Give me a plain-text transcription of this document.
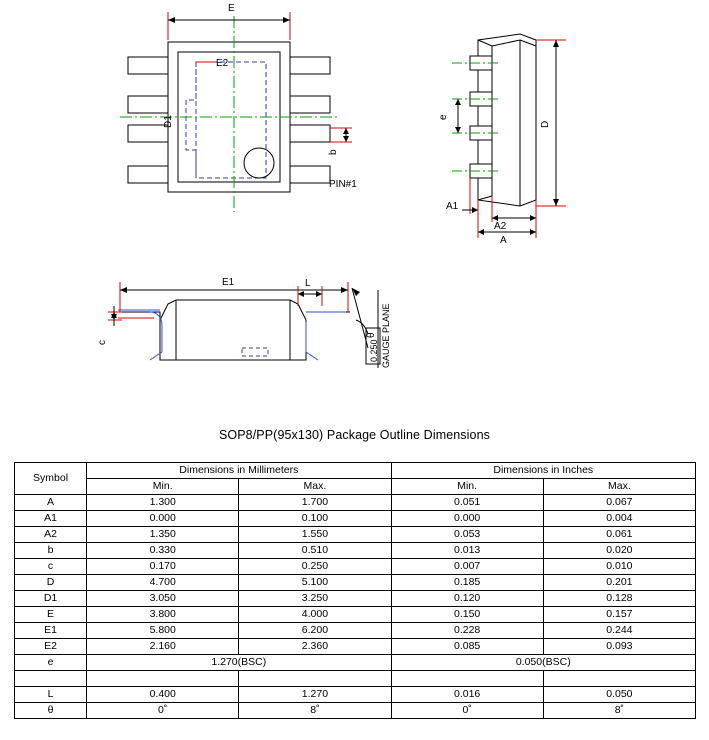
E
E2
D1
b
PIN#1
e
D
A1
A2
A
E1	L
c
θ
0.250 GAUGE PLANE
SOP8/PP(95x130) Package Outline Dimensions
Symbol	Dimensions in Millimeters		Dimensions in Inches	
	Min.	Max.	Min.	Max.
A	1.300	1.700	0.051	0.067
A1	0.000	0.100	0.000	0.004
A2	1.350	1.550	0.053	0.061
b	0.330	0.510	0.013	0.020
c	0.170	0.250	0.007	0.010
D	4.700	5.100	0.185	0.201
D1	3.050	3.250	0.120	0.128
E	3.800	4.000	0.150	0.157
E1	5.800	6.200	0.228	0.244
E2	2.160	2.360	0.085	0.093
e	1.270(BSC)		0.050(BSC)	

L	0.400	1.270	0.016	0.050
θ	0˚	8˚	0˚	8˚
